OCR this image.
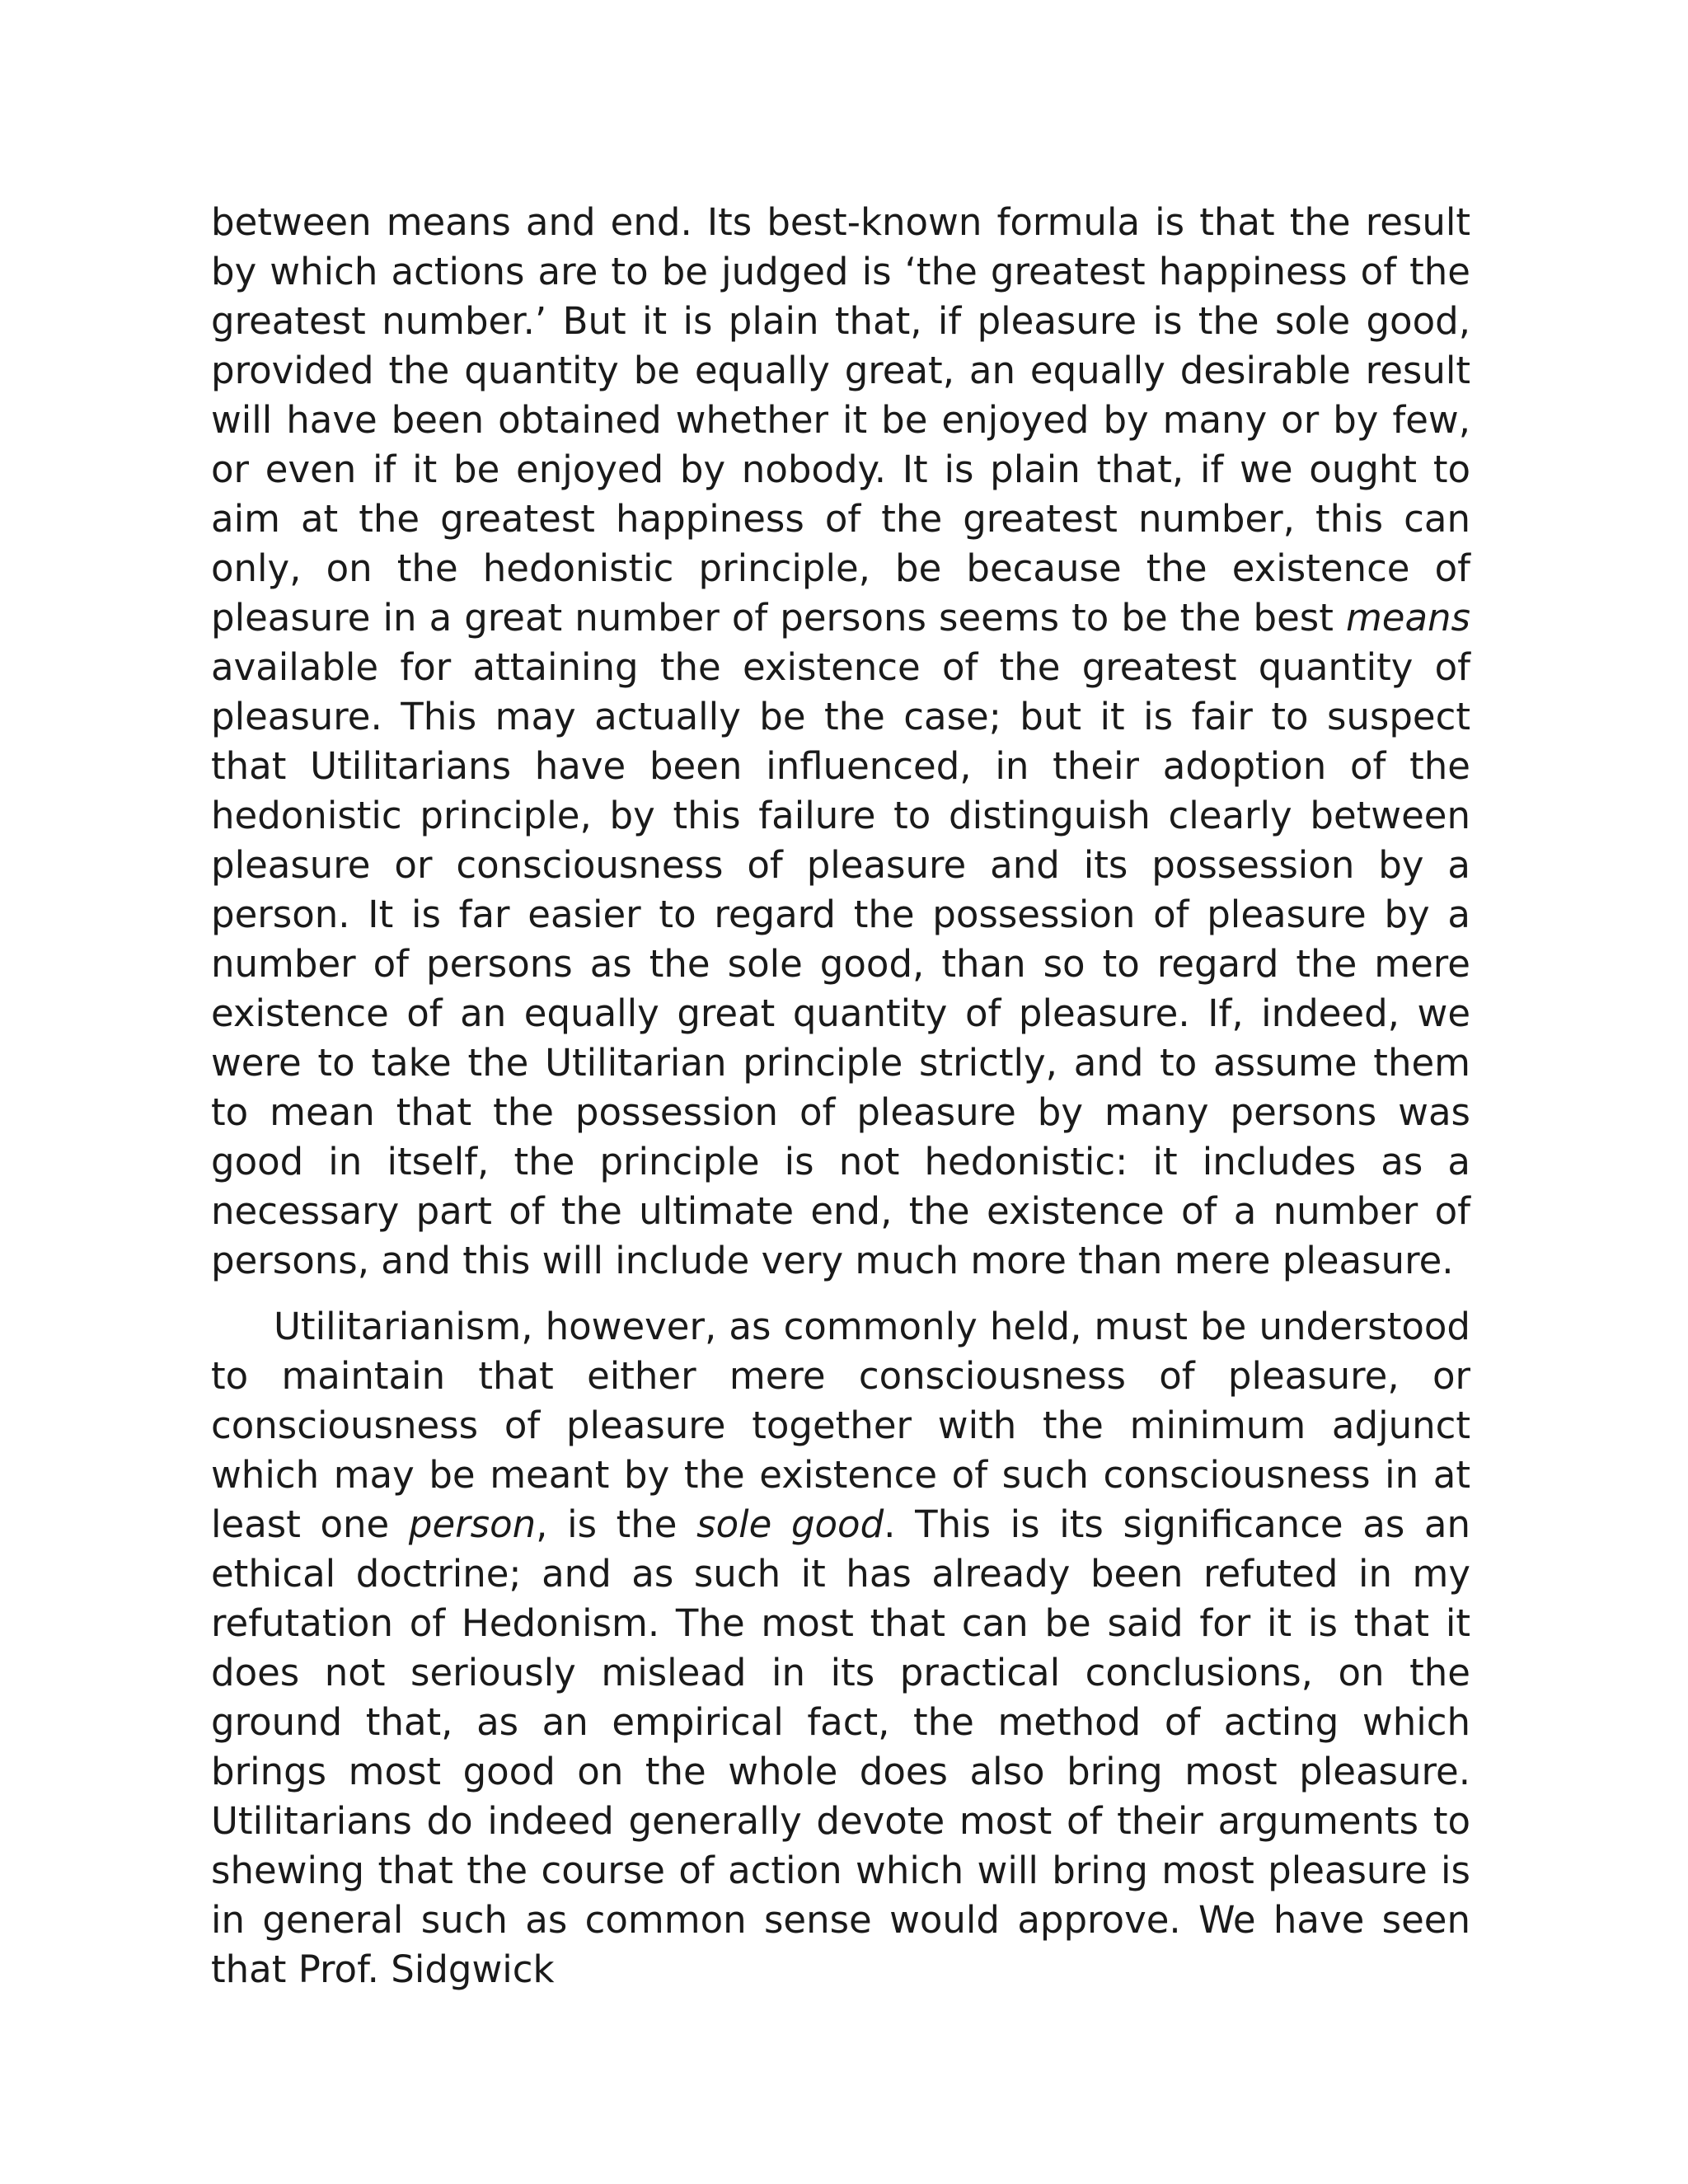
between means and end. Its best-known formula is that the result by which actions are to be judged is ‘the greatest happiness of the greatest number.’ But it is plain that, if pleasure is the sole good, provided the quantity be equally great, an equally desirable result will have been obtained whether it be enjoyed by many or by few, or even if it be enjoyed by nobody. It is plain that, if we ought to aim at the greatest happiness of the greatest number, this can only, on the hedonistic principle, be because the existence of pleasure in a great number of persons seems to be the best means available for attaining the existence of the greatest quantity of pleasure. This may actually be the case; but it is fair to suspect that Utilitarians have been influenced, in their adoption of the hedonistic principle, by this failure to distinguish clearly between pleasure or consciousness of pleasure and its possession by a person. It is far easier to regard the possession of pleasure by a number of persons as the sole good, than so to regard the mere existence of an equally great quantity of pleasure. If, indeed, we were to take the Utilitarian principle strictly, and to assume them to mean that the possession of pleasure by many persons was good in itself, the principle is not hedonistic: it includes as a necessary part of the ultimate end, the existence of a number of persons, and this will include very much more than mere pleasure.

Utilitarianism, however, as commonly held, must be understood to maintain that either mere consciousness of pleasure, or consciousness of pleasure together with the minimum adjunct which may be meant by the existence of such consciousness in at least one person, is the sole good. This is its significance as an ethical doctrine; and as such it has already been refuted in my refutation of Hedonism. The most that can be said for it is that it does not seriously mislead in its practical conclusions, on the ground that, as an empirical fact, the method of acting which brings most good on the whole does also bring most pleasure. Utilitarians do indeed generally devote most of their arguments to shewing that the course of action which will bring most pleasure is in general such as common sense would approve. We have seen that Prof. Sidgwick
